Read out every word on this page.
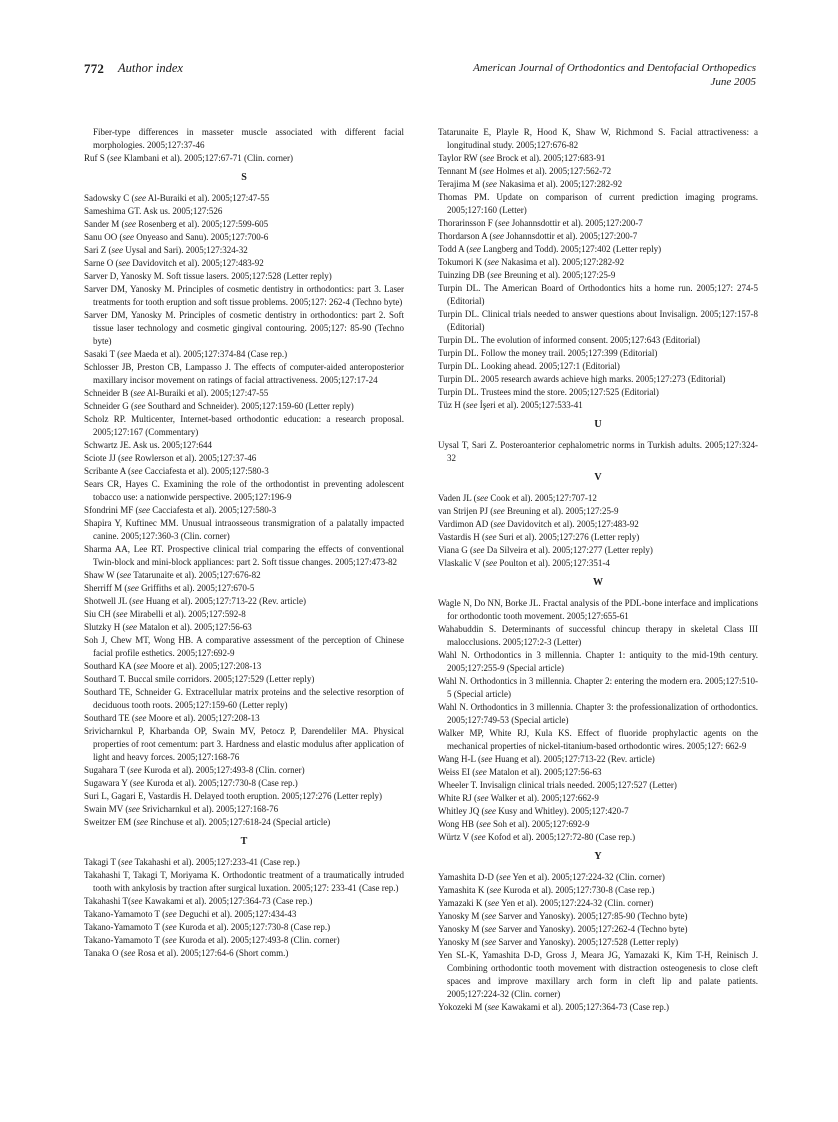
772 Author index	American Journal of Orthodontics and Dentofacial Orthopedics
June 2005
Fiber-type differences in masseter muscle associated with different facial morphologies. 2005;127:37-46
Ruf S (see Klambani et al). 2005;127:67-71 (Clin. corner)
S
Sadowsky C (see Al-Buraiki et al). 2005;127:47-55
Sameshima GT. Ask us. 2005;127:526
Sander M (see Rosenberg et al). 2005;127:599-605
Sanu OO (see Onyeaso and Sanu). 2005;127:700-6
Sari Z (see Uysal and Sari). 2005;127:324-32
Sarne O (see Davidovitch et al). 2005;127:483-92
Sarver D, Yanosky M. Soft tissue lasers. 2005;127:528 (Letter reply)
Sarver DM, Yanosky M. Principles of cosmetic dentistry in orthodontics: part 3. Laser treatments for tooth eruption and soft tissue problems. 2005;127: 262-4 (Techno byte)
Sarver DM, Yanosky M. Principles of cosmetic dentistry in orthodontics: part 2. Soft tissue laser technology and cosmetic gingival contouring. 2005;127: 85-90 (Techno byte)
Sasaki T (see Maeda et al). 2005;127:374-84 (Case rep.)
Schlosser JB, Preston CB, Lampasso J. The effects of computer-aided anteroposterior maxillary incisor movement on ratings of facial attractiveness. 2005;127:17-24
Schneider B (see Al-Buraiki et al). 2005;127:47-55
Schneider G (see Southard and Schneider). 2005;127:159-60 (Letter reply)
Scholz RP. Multicenter, Internet-based orthodontic education: a research proposal. 2005;127:167 (Commentary)
Schwartz JE. Ask us. 2005;127:644
Sciote JJ (see Rowlerson et al). 2005;127:37-46
Scribante A (see Cacciafesta et al). 2005;127:580-3
Sears CR, Hayes C. Examining the role of the orthodontist in preventing adolescent tobacco use: a nationwide perspective. 2005;127:196-9
Sfondrini MF (see Cacciafesta et al). 2005;127:580-3
Shapira Y, Kuftinec MM. Unusual intraosseous transmigration of a palatally impacted canine. 2005;127:360-3 (Clin. corner)
Sharma AA, Lee RT. Prospective clinical trial comparing the effects of conventional Twin-block and mini-block appliances: part 2. Soft tissue changes. 2005;127:473-82
Shaw W (see Tatarunaite et al). 2005;127:676-82
Sherriff M (see Griffiths et al). 2005;127:670-5
Shotwell JL (see Huang et al). 2005;127:713-22 (Rev. article)
Siu CH (see Mirabelli et al). 2005;127:592-8
Slutzky H (see Matalon et al). 2005;127:56-63
Soh J, Chew MT, Wong HB. A comparative assessment of the perception of Chinese facial profile esthetics. 2005;127:692-9
Southard KA (see Moore et al). 2005;127:208-13
Southard T. Buccal smile corridors. 2005;127:529 (Letter reply)
Southard TE, Schneider G. Extracellular matrix proteins and the selective resorption of deciduous tooth roots. 2005;127:159-60 (Letter reply)
Southard TE (see Moore et al). 2005;127:208-13
Srivicharnkul P, Kharbanda OP, Swain MV, Petocz P, Darendeliler MA. Physical properties of root cementum: part 3. Hardness and elastic modulus after application of light and heavy forces. 2005;127:168-76
Sugahara T (see Kuroda et al). 2005;127:493-8 (Clin. corner)
Sugawara Y (see Kuroda et al). 2005;127:730-8 (Case rep.)
Suri L, Gagari E, Vastardis H. Delayed tooth eruption. 2005;127:276 (Letter reply)
Swain MV (see Srivicharnkul et al). 2005;127:168-76
Sweitzer EM (see Rinchuse et al). 2005;127:618-24 (Special article)
T
Takagi T (see Takahashi et al). 2005;127:233-41 (Case rep.)
Takahashi T, Takagi T, Moriyama K. Orthodontic treatment of a traumatically intruded tooth with ankylosis by traction after surgical luxation. 2005;127: 233-41 (Case rep.)
Takahashi T(see Kawakami et al). 2005;127:364-73 (Case rep.)
Takano-Yamamoto T (see Deguchi et al). 2005;127:434-43
Takano-Yamamoto T (see Kuroda et al). 2005;127:730-8 (Case rep.)
Takano-Yamamoto T (see Kuroda et al). 2005;127:493-8 (Clin. corner)
Tanaka O (see Rosa et al). 2005;127:64-6 (Short comm.)
Tatarunaite E, Playle R, Hood K, Shaw W, Richmond S. Facial attractiveness: a longitudinal study. 2005;127:676-82
Taylor RW (see Brock et al). 2005;127:683-91
Tennant M (see Holmes et al). 2005;127:562-72
Terajima M (see Nakasima et al). 2005;127:282-92
Thomas PM. Update on comparison of current prediction imaging programs. 2005;127:160 (Letter)
Thorarinsson F (see Johannsdottir et al). 2005;127:200-7
Thordarson A (see Johannsdottir et al). 2005;127:200-7
Todd A (see Langberg and Todd). 2005;127:402 (Letter reply)
Tokumori K (see Nakasima et al). 2005;127:282-92
Tuinzing DB (see Breuning et al). 2005;127:25-9
Turpin DL. The American Board of Orthodontics hits a home run. 2005;127: 274-5 (Editorial)
Turpin DL. Clinical trials needed to answer questions about Invisalign. 2005;127:157-8 (Editorial)
Turpin DL. The evolution of informed consent. 2005;127:643 (Editorial)
Turpin DL. Follow the money trail. 2005;127:399 (Editorial)
Turpin DL. Looking ahead. 2005;127:1 (Editorial)
Turpin DL. 2005 research awards achieve high marks. 2005;127:273 (Editorial)
Turpin DL. Trustees mind the store. 2005;127:525 (Editorial)
Tüz H (see İşeri et al). 2005;127:533-41
U
Uysal T, Sari Z. Posteroanterior cephalometric norms in Turkish adults. 2005;127:324-32
V
Vaden JL (see Cook et al). 2005;127:707-12
van Strijen PJ (see Breuning et al). 2005;127:25-9
Vardimon AD (see Davidovitch et al). 2005;127:483-92
Vastardis H (see Suri et al). 2005;127:276 (Letter reply)
Viana G (see Da Silveira et al). 2005;127:277 (Letter reply)
Vlaskalic V (see Poulton et al). 2005;127:351-4
W
Wagle N, Do NN, Borke JL. Fractal analysis of the PDL-bone interface and implications for orthodontic tooth movement. 2005;127:655-61
Wahabuddin S. Determinants of successful chincup therapy in skeletal Class III malocclusions. 2005;127:2-3 (Letter)
Wahl N. Orthodontics in 3 millennia. Chapter 1: antiquity to the mid-19th century. 2005;127:255-9 (Special article)
Wahl N. Orthodontics in 3 millennia. Chapter 2: entering the modern era. 2005;127:510-5 (Special article)
Wahl N. Orthodontics in 3 millennia. Chapter 3: the professionalization of orthodontics. 2005;127:749-53 (Special article)
Walker MP, White RJ, Kula KS. Effect of fluoride prophylactic agents on the mechanical properties of nickel-titanium-based orthodontic wires. 2005;127: 662-9
Wang H-L (see Huang et al). 2005;127:713-22 (Rev. article)
Weiss EI (see Matalon et al). 2005;127:56-63
Wheeler T. Invisalign clinical trials needed. 2005;127:527 (Letter)
White RJ (see Walker et al). 2005;127:662-9
Whitley JQ (see Kusy and Whitley). 2005;127:420-7
Wong HB (see Soh et al). 2005;127:692-9
Würtz V (see Kofod et al). 2005;127:72-80 (Case rep.)
Y
Yamashita D-D (see Yen et al). 2005;127:224-32 (Clin. corner)
Yamashita K (see Kuroda et al). 2005;127:730-8 (Case rep.)
Yamazaki K (see Yen et al). 2005;127:224-32 (Clin. corner)
Yanosky M (see Sarver and Yanosky). 2005;127:85-90 (Techno byte)
Yanosky M (see Sarver and Yanosky). 2005;127:262-4 (Techno byte)
Yanosky M (see Sarver and Yanosky). 2005;127:528 (Letter reply)
Yen SL-K, Yamashita D-D, Gross J, Meara JG, Yamazaki K, Kim T-H, Reinisch J. Combining orthodontic tooth movement with distraction osteogenesis to close cleft spaces and improve maxillary arch form in cleft lip and palate patients. 2005;127:224-32 (Clin. corner)
Yokozeki M (see Kawakami et al). 2005;127:364-73 (Case rep.)
